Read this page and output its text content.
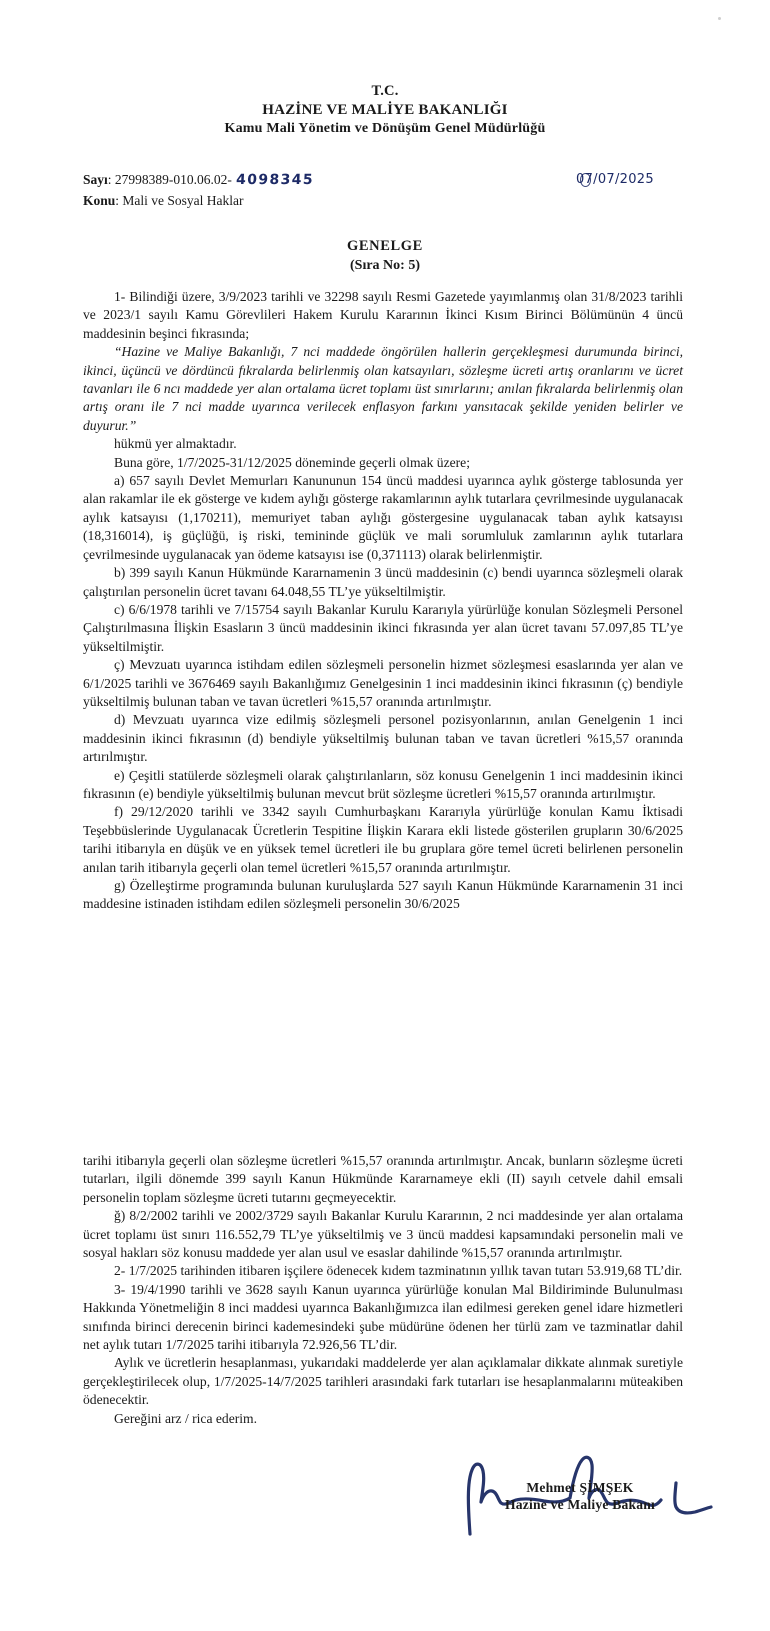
T.C.
HAZİNE VE MALİYE BAKANLIĞI
Kamu Mali Yönetim ve Dönüşüm Genel Müdürlüğü
Sayı: 27998389-010.06.02- 4098345
Konu: Mali ve Sosyal Haklar
07/07/2025
GENELGE
(Sıra No: 5)

1- Bilindiği üzere, 3/9/2023 tarihli ve 32298 sayılı Resmi Gazetede yayımlanmış olan 31/8/2023 tarihli ve 2023/1 sayılı Kamu Görevlileri Hakem Kurulu Kararının İkinci Kısım Birinci Bölümünün 4 üncü maddesinin beşinci fıkrasında;

“Hazine ve Maliye Bakanlığı, 7 nci maddede öngörülen hallerin gerçekleşmesi durumunda birinci, ikinci, üçüncü ve dördüncü fıkralarda belirlenmiş olan katsayıları, sözleşme ücreti artış oranlarını ve ücret tavanları ile 6 ncı maddede yer alan ortalama ücret toplamı üst sınırlarını; anılan fıkralarda belirlenmiş olan artış oranı ile 7 nci madde uyarınca verilecek enflasyon farkını yansıtacak şekilde yeniden belirler ve duyurur.”

hükmü yer almaktadır.

Buna göre, 1/7/2025-31/12/2025 döneminde geçerli olmak üzere;

a) 657 sayılı Devlet Memurları Kanununun 154 üncü maddesi uyarınca aylık gösterge tablosunda yer alan rakamlar ile ek gösterge ve kıdem aylığı gösterge rakamlarının aylık tutarlara çevrilmesinde uygulanacak aylık katsayısı (1,170211), memuriyet taban aylığı göstergesine uygulanacak taban aylık katsayısı (18,316014), iş güçlüğü, iş riski, temininde güçlük ve mali sorumluluk zamlarının aylık tutarlara çevrilmesinde uygulanacak yan ödeme katsayısı ise (0,371113) olarak belirlenmiştir.

b) 399 sayılı Kanun Hükmünde Kararnamenin 3 üncü maddesinin (c) bendi uyarınca sözleşmeli olarak çalıştırılan personelin ücret tavanı 64.048,55 TL’ye yükseltilmiştir.

c) 6/6/1978 tarihli ve 7/15754 sayılı Bakanlar Kurulu Kararıyla yürürlüğe konulan Sözleşmeli Personel Çalıştırılmasına İlişkin Esasların 3 üncü maddesinin ikinci fıkrasında yer alan ücret tavanı 57.097,85 TL’ye yükseltilmiştir.

ç) Mevzuatı uyarınca istihdam edilen sözleşmeli personelin hizmet sözleşmesi esaslarında yer alan ve 6/1/2025 tarihli ve 3676469 sayılı Bakanlığımız Genelgesinin 1 inci maddesinin ikinci fıkrasının (ç) bendiyle yükseltilmiş bulunan taban ve tavan ücretleri %15,57 oranında artırılmıştır.

d) Mevzuatı uyarınca vize edilmiş sözleşmeli personel pozisyonlarının, anılan Genelgenin 1 inci maddesinin ikinci fıkrasının (d) bendiyle yükseltilmiş bulunan taban ve tavan ücretleri %15,57 oranında artırılmıştır.

e) Çeşitli statülerde sözleşmeli olarak çalıştırılanların, söz konusu Genelgenin 1 inci maddesinin ikinci fıkrasının (e) bendiyle yükseltilmiş bulunan mevcut brüt sözleşme ücretleri %15,57 oranında artırılmıştır.

f) 29/12/2020 tarihli ve 3342 sayılı Cumhurbaşkanı Kararıyla yürürlüğe konulan Kamu İktisadi Teşebbüslerinde Uygulanacak Ücretlerin Tespitine İlişkin Karara ekli listede gösterilen grupların 30/6/2025 tarihi itibarıyla en düşük ve en yüksek temel ücretleri ile bu gruplara göre temel ücreti belirlenen personelin anılan tarih itibarıyla geçerli olan temel ücretleri %15,57 oranında artırılmıştır.

g) Özelleştirme programında bulunan kuruluşlarda 527 sayılı Kanun Hükmünde Kararnamenin 31 inci maddesine istinaden istihdam edilen sözleşmeli personelin 30/6/2025

tarihi itibarıyla geçerli olan sözleşme ücretleri %15,57 oranında artırılmıştır. Ancak, bunların sözleşme ücreti tutarları, ilgili dönemde 399 sayılı Kanun Hükmünde Kararnameye ekli (II) sayılı cetvele dahil emsali personelin toplam sözleşme ücreti tutarını geçmeyecektir.

ğ) 8/2/2002 tarihli ve 2002/3729 sayılı Bakanlar Kurulu Kararının, 2 nci maddesinde yer alan ortalama ücret toplamı üst sınırı 116.552,79 TL’ye yükseltilmiş ve 3 üncü maddesi kapsamındaki personelin mali ve sosyal hakları söz konusu maddede yer alan usul ve esaslar dahilinde %15,57 oranında artırılmıştır.

2- 1/7/2025 tarihinden itibaren işçilere ödenecek kıdem tazminatının yıllık tavan tutarı 53.919,68 TL’dir.

3- 19/4/1990 tarihli ve 3628 sayılı Kanun uyarınca yürürlüğe konulan Mal Bildiriminde Bulunulması Hakkında Yönetmeliğin 8 inci maddesi uyarınca Bakanlığımızca ilan edilmesi gereken genel idare hizmetleri sınıfında birinci derecenin birinci kademesindeki şube müdürüne ödenen her türlü zam ve tazminatlar dahil net aylık tutarı 1/7/2025 tarihi itibarıyla 72.926,56 TL’dir.

Aylık ve ücretlerin hesaplanması, yukarıdaki maddelerde yer alan açıklamalar dikkate alınmak suretiyle gerçekleştirilecek olup, 1/7/2025-14/7/2025 tarihleri arasındaki fark tutarları ise hesaplanmalarını müteakiben ödenecektir.

Gereğini arz / rica ederim.

Mehmet ŞİMŞEK
Hazine ve Maliye Bakanı
